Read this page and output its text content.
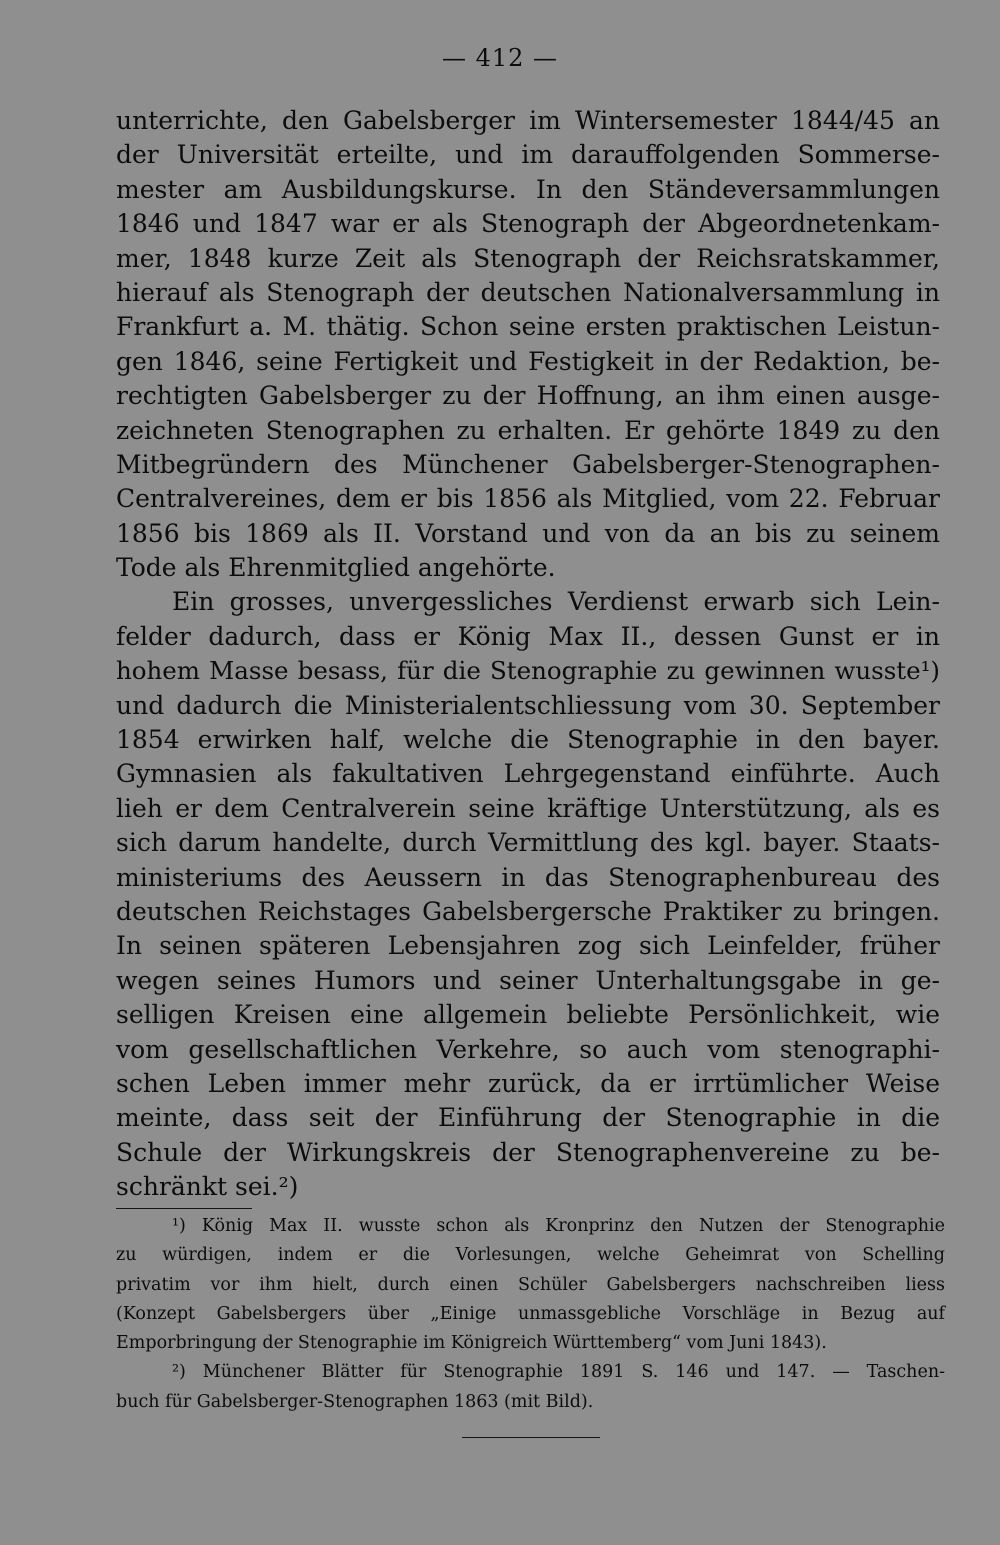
— 412 —
unterrichte, den Gabelsberger im Wintersemester 1844/45 an
der Universität erteilte, und im darauffolgenden Sommerse-
mester am Ausbildungskurse. In den Ständeversammlungen
1846 und 1847 war er als Stenograph der Abgeordnetenkam-
mer, 1848 kurze Zeit als Stenograph der Reichsratskammer,
hierauf als Stenograph der deutschen Nationalversammlung in
Frankfurt a. M. thätig. Schon seine ersten praktischen Leistun-
gen 1846, seine Fertigkeit und Festigkeit in der Redaktion, be-
rechtigten Gabelsberger zu der Hoffnung, an ihm einen ausge-
zeichneten Stenographen zu erhalten. Er gehörte 1849 zu den
Mitbegründern des Münchener Gabelsberger-Stenographen-
Centralvereines, dem er bis 1856 als Mitglied, vom 22. Februar
1856 bis 1869 als II. Vorstand und von da an bis zu seinem
Tode als Ehrenmitglied angehörte.
Ein grosses, unvergessliches Verdienst erwarb sich Lein-
felder dadurch, dass er König Max II., dessen Gunst er in
hohem Masse besass, für die Stenographie zu gewinnen wusste¹)
und dadurch die Ministerialentschliessung vom 30. September
1854 erwirken half, welche die Stenographie in den bayer.
Gymnasien als fakultativen Lehrgegenstand einführte. Auch
lieh er dem Centralverein seine kräftige Unterstützung, als es
sich darum handelte, durch Vermittlung des kgl. bayer. Staats-
ministeriums des Aeussern in das Stenographenbureau des
deutschen Reichstages Gabelsbergersche Praktiker zu bringen.
In seinen späteren Lebensjahren zog sich Leinfelder, früher
wegen seines Humors und seiner Unterhaltungsgabe in ge-
selligen Kreisen eine allgemein beliebte Persönlichkeit, wie
vom gesellschaftlichen Verkehre, so auch vom stenographi-
schen Leben immer mehr zurück, da er irrtümlicher Weise
meinte, dass seit der Einführung der Stenographie in die
Schule der Wirkungskreis der Stenographenvereine zu be-
schränkt sei.²)
¹) König Max II. wusste schon als Kronprinz den Nutzen der Stenographie
zu würdigen, indem er die Vorlesungen, welche Geheimrat von Schelling
privatim vor ihm hielt, durch einen Schüler Gabelsbergers nachschreiben liess
(Konzept Gabelsbergers über „Einige unmassgebliche Vorschläge in Bezug auf
Emporbringung der Stenographie im Königreich Württemberg“ vom Juni 1843).
²) Münchener Blätter für Stenographie 1891 S. 146 und 147. — Taschen-
buch für Gabelsberger-Stenographen 1863 (mit Bild).
